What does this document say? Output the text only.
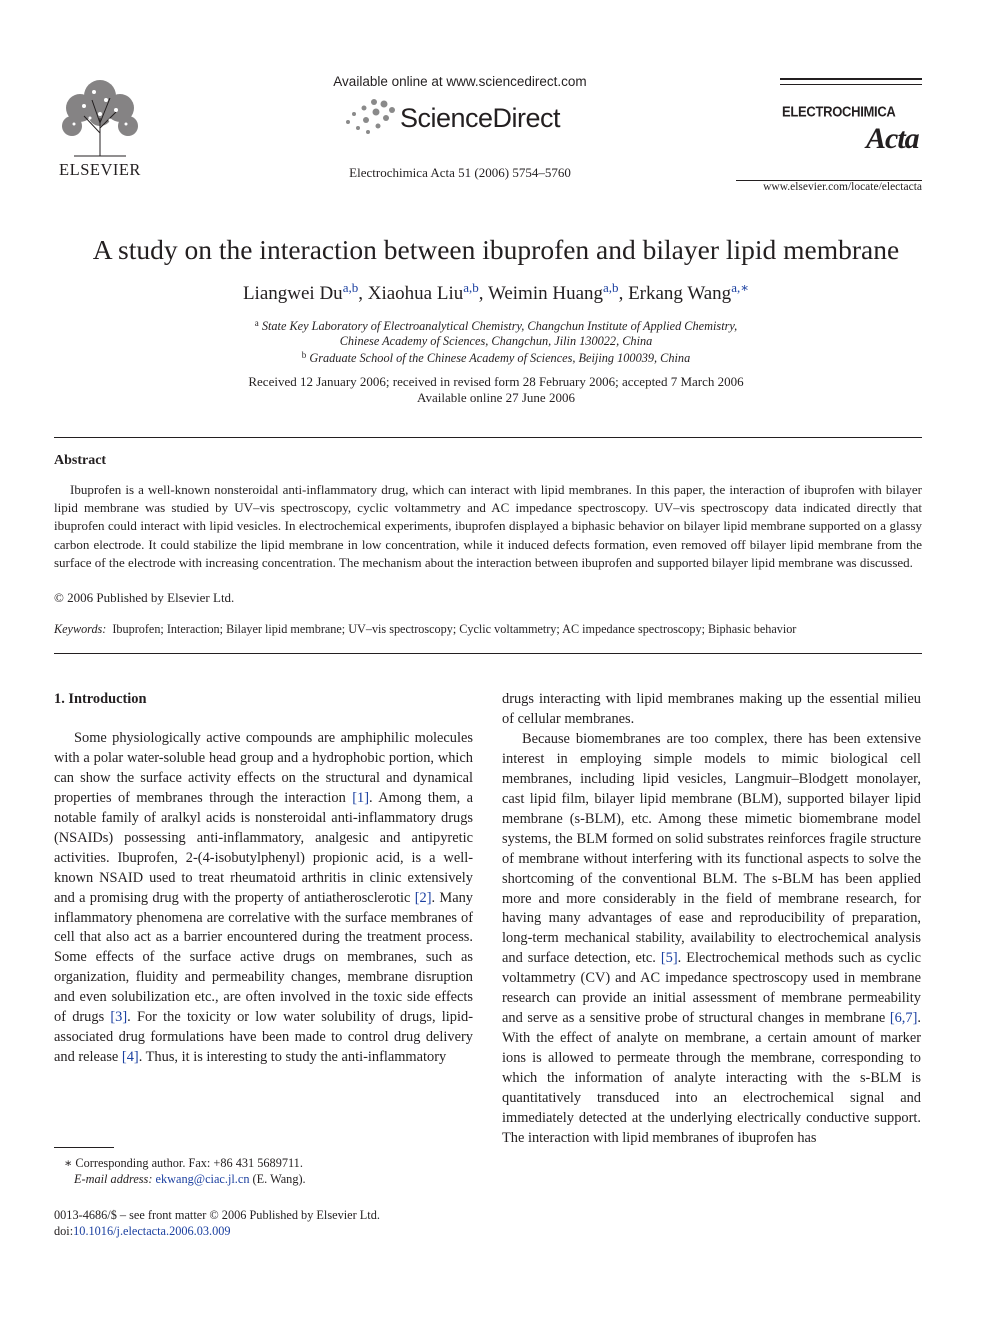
ELSEVIER
Available online at www.sciencedirect.com
ScienceDirect
Electrochimica Acta 51 (2006) 5754–5760
ELECTROCHIMICA
Acta
www.elsevier.com/locate/electacta
A study on the interaction between ibuprofen and bilayer lipid membrane
Liangwei Du$^{a,b}$, Xiaohua Liu$^{a,b}$, Weimin Huang$^{a,b}$, Erkang Wang$^{a,∗}$
$^a$ State Key Laboratory of Electroanalytical Chemistry, Changchun Institute of Applied Chemistry,
Chinese Academy of Sciences, Changchun, Jilin 130022, China
$^b$ Graduate School of the Chinese Academy of Sciences, Beijing 100039, China
Received 12 January 2006; received in revised form 28 February 2006; accepted 7 March 2006
Available online 27 June 2006
Abstract

Ibuprofen is a well-known nonsteroidal anti-inflammatory drug, which can interact with lipid membranes. In this paper, the interaction of ibuprofen with bilayer lipid membrane was studied by UV–vis spectroscopy, cyclic voltammetry and AC impedance spectroscopy. UV–vis spectroscopy data indicated directly that ibuprofen could interact with lipid vesicles. In electrochemical experiments, ibuprofen displayed a biphasic behavior on bilayer lipid membrane supported on a glassy carbon electrode. It could stabilize the lipid membrane in low concentration, while it induced defects formation, even removed off bilayer lipid membrane from the surface of the electrode with increasing concentration. The mechanism about the interaction between ibuprofen and supported bilayer lipid membrane was discussed.

© 2006 Published by Elsevier Ltd.
Keywords: Ibuprofen; Interaction; Bilayer lipid membrane; UV–vis spectroscopy; Cyclic voltammetry; AC impedance spectroscopy; Biphasic behavior

1. Introduction

Some physiologically active compounds are amphiphilic molecules with a polar water-soluble head group and a hydrophobic portion, which can show the surface activity effects on the structural and dynamical properties of membranes through the interaction [1]. Among them, a notable family of aralkyl acids is nonsteroidal anti-inflammatory drugs (NSAIDs) possessing anti-inflammatory, analgesic and antipyretic activities. Ibuprofen, 2-(4-isobutylphenyl) propionic acid, is a well-known NSAID used to treat rheumatoid arthritis in clinic extensively and a promising drug with the property of antiatherosclerotic [2]. Many inflammatory phenomena are correlative with the surface membranes of cell that also act as a barrier encountered during the treatment process. Some effects of the surface active drugs on membranes, such as organization, fluidity and permeability changes, membrane disruption and even solubilization etc., are often involved in the toxic side effects of drugs [3]. For the toxicity or low water solubility of drugs, lipid-associated drug formulations have been made to control drug delivery and release [4]. Thus, it is interesting to study the anti-inflammatory

drugs interacting with lipid membranes making up the essential milieu of cellular membranes.

Because biomembranes are too complex, there has been extensive interest in employing simple models to mimic biological cell membranes, including lipid vesicles, Langmuir–Blodgett monolayer, cast lipid film, bilayer lipid membrane (BLM), supported bilayer lipid membrane (s-BLM), etc. Among these mimetic biomembrane model systems, the BLM formed on solid substrates reinforces fragile structure of membrane without interfering with its functional aspects to solve the shortcoming of the conventional BLM. The s-BLM has been applied more and more considerably in the field of membrane research, for having many advantages of ease and reproducibility of preparation, long-term mechanical stability, availability to electrochemical analysis and surface detection, etc. [5]. Electrochemical methods such as cyclic voltammetry (CV) and AC impedance spectroscopy used in membrane research can provide an initial assessment of membrane permeability and serve as a sensitive probe of structural changes in membrane [6,7]. With the effect of analyte on membrane, a certain amount of marker ions is allowed to permeate through the membrane, corresponding to which the information of analyte interacting with the s-BLM is quantitatively transduced into an electrochemical signal and immediately detected at the underlying electrically conductive support. The interaction with lipid membranes of ibuprofen has

∗ Corresponding author. Fax: +86 431 5689711.
E-mail address: ekwang@ciac.jl.cn (E. Wang).
0013-4686/$ – see front matter © 2006 Published by Elsevier Ltd.
doi:10.1016/j.electacta.2006.03.009
